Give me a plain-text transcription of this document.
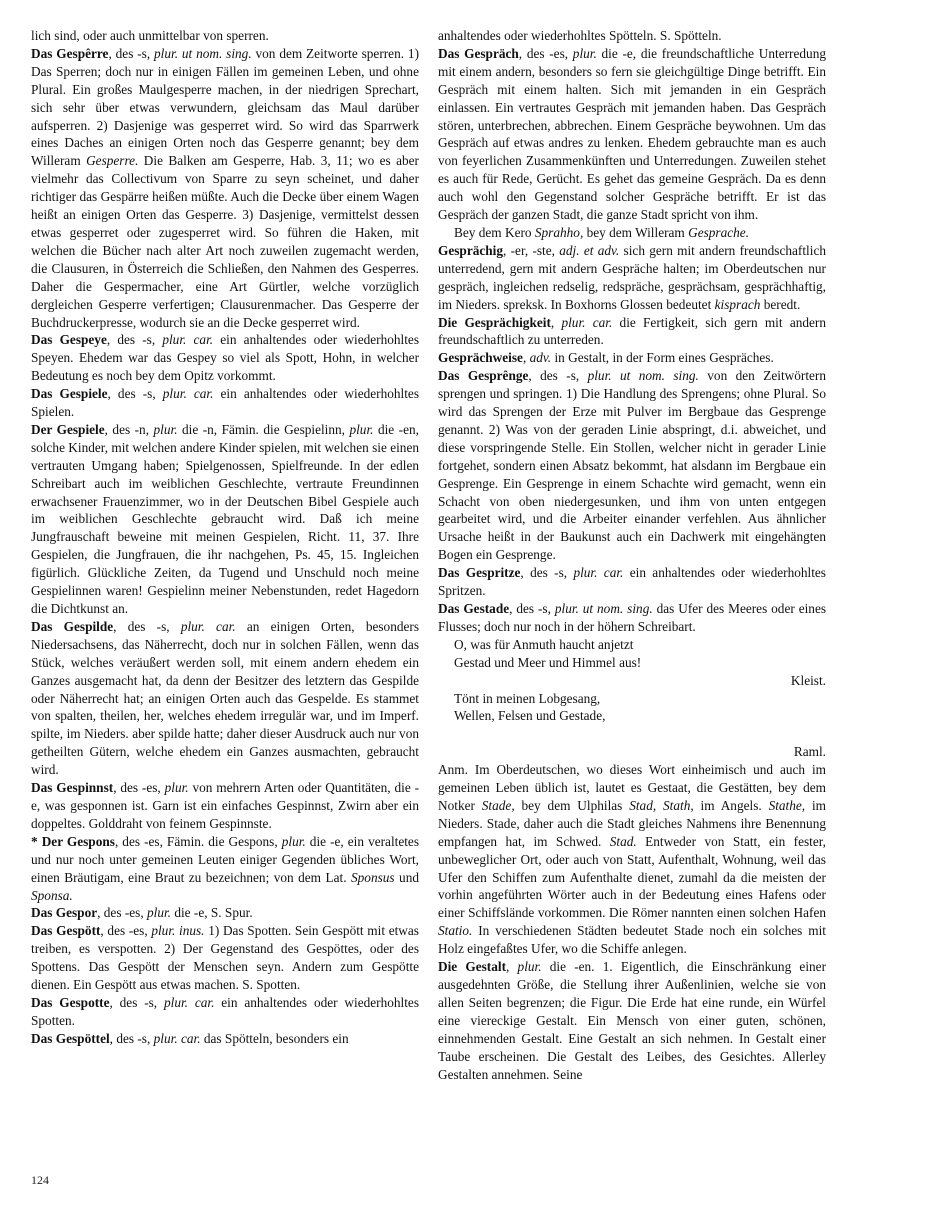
lich sind, oder auch unmittelbar von sperren.

Das Gespêrre, des -s, plur. ut nom. sing. von dem Zeitworte sperren. 1) Das Sperren; doch nur in einigen Fällen im gemeinen Leben, und ohne Plural. Ein großes Maulgesperre machen, in der niedrigen Sprechart, sich sehr über etwas verwundern, gleichsam das Maul darüber aufsperren. 2) Dasjenige was gesperret wird. So wird das Sparrwerk eines Daches an einigen Orten noch das Gesperre genannt; bey dem Willeram Gesperre. Die Balken am Gesperre, Hab. 3, 11; wo es aber vielmehr das Collectivum von Sparre zu seyn scheinet, und daher richtiger das Gespärre heißen müßte. Auch die Decke über einem Wagen heißt an einigen Orten das Gesperre. 3) Dasjenige, vermittelst dessen etwas gesperret oder zugesperret wird. So führen die Haken, mit welchen die Bücher nach alter Art noch zuweilen zugemacht werden, die Clausuren, in Österreich die Schließen, den Nahmen des Gesperres. Daher die Gespermacher, eine Art Gürtler, welche vorzüglich dergleichen Gesperre verfertigen; Clausurenmacher. Das Gesperre der Buchdruckerpresse, wodurch sie an die Decke gesperret wird.

Das Gespeye, des -s, plur. car. ein anhaltendes oder wiederhohltes Speyen. Ehedem war das Gespey so viel als Spott, Hohn, in welcher Bedeutung es noch bey dem Opitz vorkommt.

Das Gespiele, des -s, plur. car. ein anhaltendes oder wiederhohltes Spielen.

Der Gespiele, des -n, plur. die -n, Fämin. die Gespielinn, plur. die -en, solche Kinder, mit welchen andere Kinder spielen, mit welchen sie einen vertrauten Umgang haben; Spielgenossen, Spielfreunde. In der edlen Schreibart auch im weiblichen Geschlechte, vertraute Freundinnen erwachsener Frauenzimmer, wo in der Deutschen Bibel Gespiele auch im weiblichen Geschlechte gebraucht wird. Daß ich meine Jungfrauschaft beweine mit meinen Gespielen, Richt. 11, 37. Ihre Gespielen, die Jungfrauen, die ihr nachgehen, Ps. 45, 15. Ingleichen figürlich. Glückliche Zeiten, da Tugend und Unschuld noch meine Gespielinnen waren! Gespielinn meiner Nebenstunden, redet Hagedorn die Dichtkunst an.

Das Gespilde, des -s, plur. car. an einigen Orten, besonders Niedersachsens, das Näherrecht, doch nur in solchen Fällen, wenn das Stück, welches veräußert werden soll, mit einem andern ehedem ein Ganzes ausgemacht hat, da denn der Besitzer des letztern das Gespilde oder Näherrecht hat; an einigen Orten auch das Gespelde. Es stammet von spalten, theilen, her, welches ehedem irregulär war, und im Imperf. spilte, im Nieders. aber spilde hatte; daher dieser Ausdruck auch nur von getheilten Gütern, welche ehedem ein Ganzes ausmachten, gebraucht wird.

Das Gespinnst, des -es, plur. von mehrern Arten oder Quantitäten, die -e, was gesponnen ist. Garn ist ein einfaches Gespinnst, Zwirn aber ein doppeltes. Golddraht von feinem Gespinnste.

* Der Gespons, des -es, Fämin. die Gespons, plur. die -e, ein veraltetes und nur noch unter gemeinen Leuten einiger Gegenden übliches Wort, einen Bräutigam, eine Braut zu bezeichnen; von dem Lat. Sponsus und Sponsa.

Das Gespor, des -es, plur. die -e, S. Spur.

Das Gespött, des -es, plur. inus. 1) Das Spotten. Sein Gespött mit etwas treiben, es verspotten. 2) Der Gegenstand des Gespöttes, oder des Spottens. Das Gespött der Menschen seyn. Andern zum Gespötte dienen. Ein Gespött aus etwas machen. S. Spotten.

Das Gespotte, des -s, plur. car. ein anhaltendes oder wiederhohltes Spotten.

Das Gespöttel, des -s, plur. car. das Spötteln, besonders ein

anhaltendes oder wiederhohltes Spötteln. S. Spötteln.

Das Gespräch, des -es, plur. die -e, die freundschaftliche Unterredung mit einem andern, besonders so fern sie gleichgültige Dinge betrifft. Ein Gespräch mit einem halten. Sich mit jemanden in ein Gespräch einlassen. Ein vertrautes Gespräch mit jemanden haben. Das Gespräch stören, unterbrechen, abbrechen. Einem Gespräche beywohnen. Um das Gespräch auf etwas andres zu lenken. Ehedem gebrauchte man es auch von feyerlichen Zusammenkünften und Unterredungen. Zuweilen stehet es auch für Rede, Gerücht. Es gehet das gemeine Gespräch. Da es denn auch wohl den Gegenstand solcher Gespräche betrifft. Er ist das Gespräch der ganzen Stadt, die ganze Stadt spricht von ihm.

Bey dem Kero Sprahho, bey dem Willeram Gesprache.

Gesprächig, -er, -ste, adj. et adv. sich gern mit andern freundschaftlich unterredend, gern mit andern Gespräche halten; im Oberdeutschen nur gespräch, ingleichen redselig, redspräche, gesprächsam, gesprächhaftig, im Nieders. spreksk. In Boxhorns Glossen bedeutet kisprach beredt.

Die Gesprächigkeit, plur. car. die Fertigkeit, sich gern mit andern freundschaftlich zu unterreden.

Gesprächweise, adv. in Gestalt, in der Form eines Gespräches.

Das Gesprênge, des -s, plur. ut nom. sing. von den Zeitwörtern sprengen und springen. 1) Die Handlung des Sprengens; ohne Plural. So wird das Sprengen der Erze mit Pulver im Bergbaue das Gesprenge genannt. 2) Was von der geraden Linie abspringt, d.i. abweichet, und diese vorspringende Stelle. Ein Stollen, welcher nicht in gerader Linie fortgehet, sondern einen Absatz bekommt, hat alsdann im Bergbaue ein Gesprenge. Ein Gesprenge in einem Schachte wird gemacht, wenn ein Schacht von oben niedergesunken, und ihm von unten entgegen gearbeitet wird, und die Arbeiter einander verfehlen. Aus ähnlicher Ursache heißt in der Baukunst auch ein Dachwerk mit eingehängten Bogen ein Gesprenge.

Das Gespritze, des -s, plur. car. ein anhaltendes oder wiederhohltes Spritzen.

Das Gestade, des -s, plur. ut nom. sing. das Ufer des Meeres oder eines Flusses; doch nur noch in der höhern Schreibart.

O, was für Anmuth haucht anjetzt

Gestad und Meer und Himmel aus!

Kleist.

Tönt in meinen Lobgesang,

Wellen, Felsen und Gestade,

Raml.

Anm. Im Oberdeutschen, wo dieses Wort einheimisch und auch im gemeinen Leben üblich ist, lautet es Gestaat, die Gestätten, bey dem Notker Stade, bey dem Ulphilas Stad, Stath, im Angels. Stathe, im Nieders. Stade, daher auch die Stadt gleiches Nahmens ihre Benennung empfangen hat, im Schwed. Stad. Entweder von Statt, ein fester, unbeweglicher Ort, oder auch von Statt, Aufenthalt, Wohnung, weil das Ufer den Schiffen zum Aufenthalte dienet, zumahl da die meisten der vorhin angeführten Wörter auch in der Bedeutung eines Hafens oder einer Schiffslände vorkommen. Die Römer nannten einen solchen Hafen Statio. In verschiedenen Städten bedeutet Stade noch ein solches mit Holz eingefaßtes Ufer, wo die Schiffe anlegen.

Die Gestalt, plur. die -en. 1. Eigentlich, die Einschränkung einer ausgedehnten Größe, die Stellung ihrer Außenlinien, welche sie von allen Seiten begrenzen; die Figur. Die Erde hat eine runde, ein Würfel eine viereckige Gestalt. Ein Mensch von einer guten, schönen, einnehmenden Gestalt. Eine Gestalt an sich nehmen. In Gestalt einer Taube erscheinen. Die Gestalt des Leibes, des Gesichtes. Allerley Gestalten annehmen. Seine

124
